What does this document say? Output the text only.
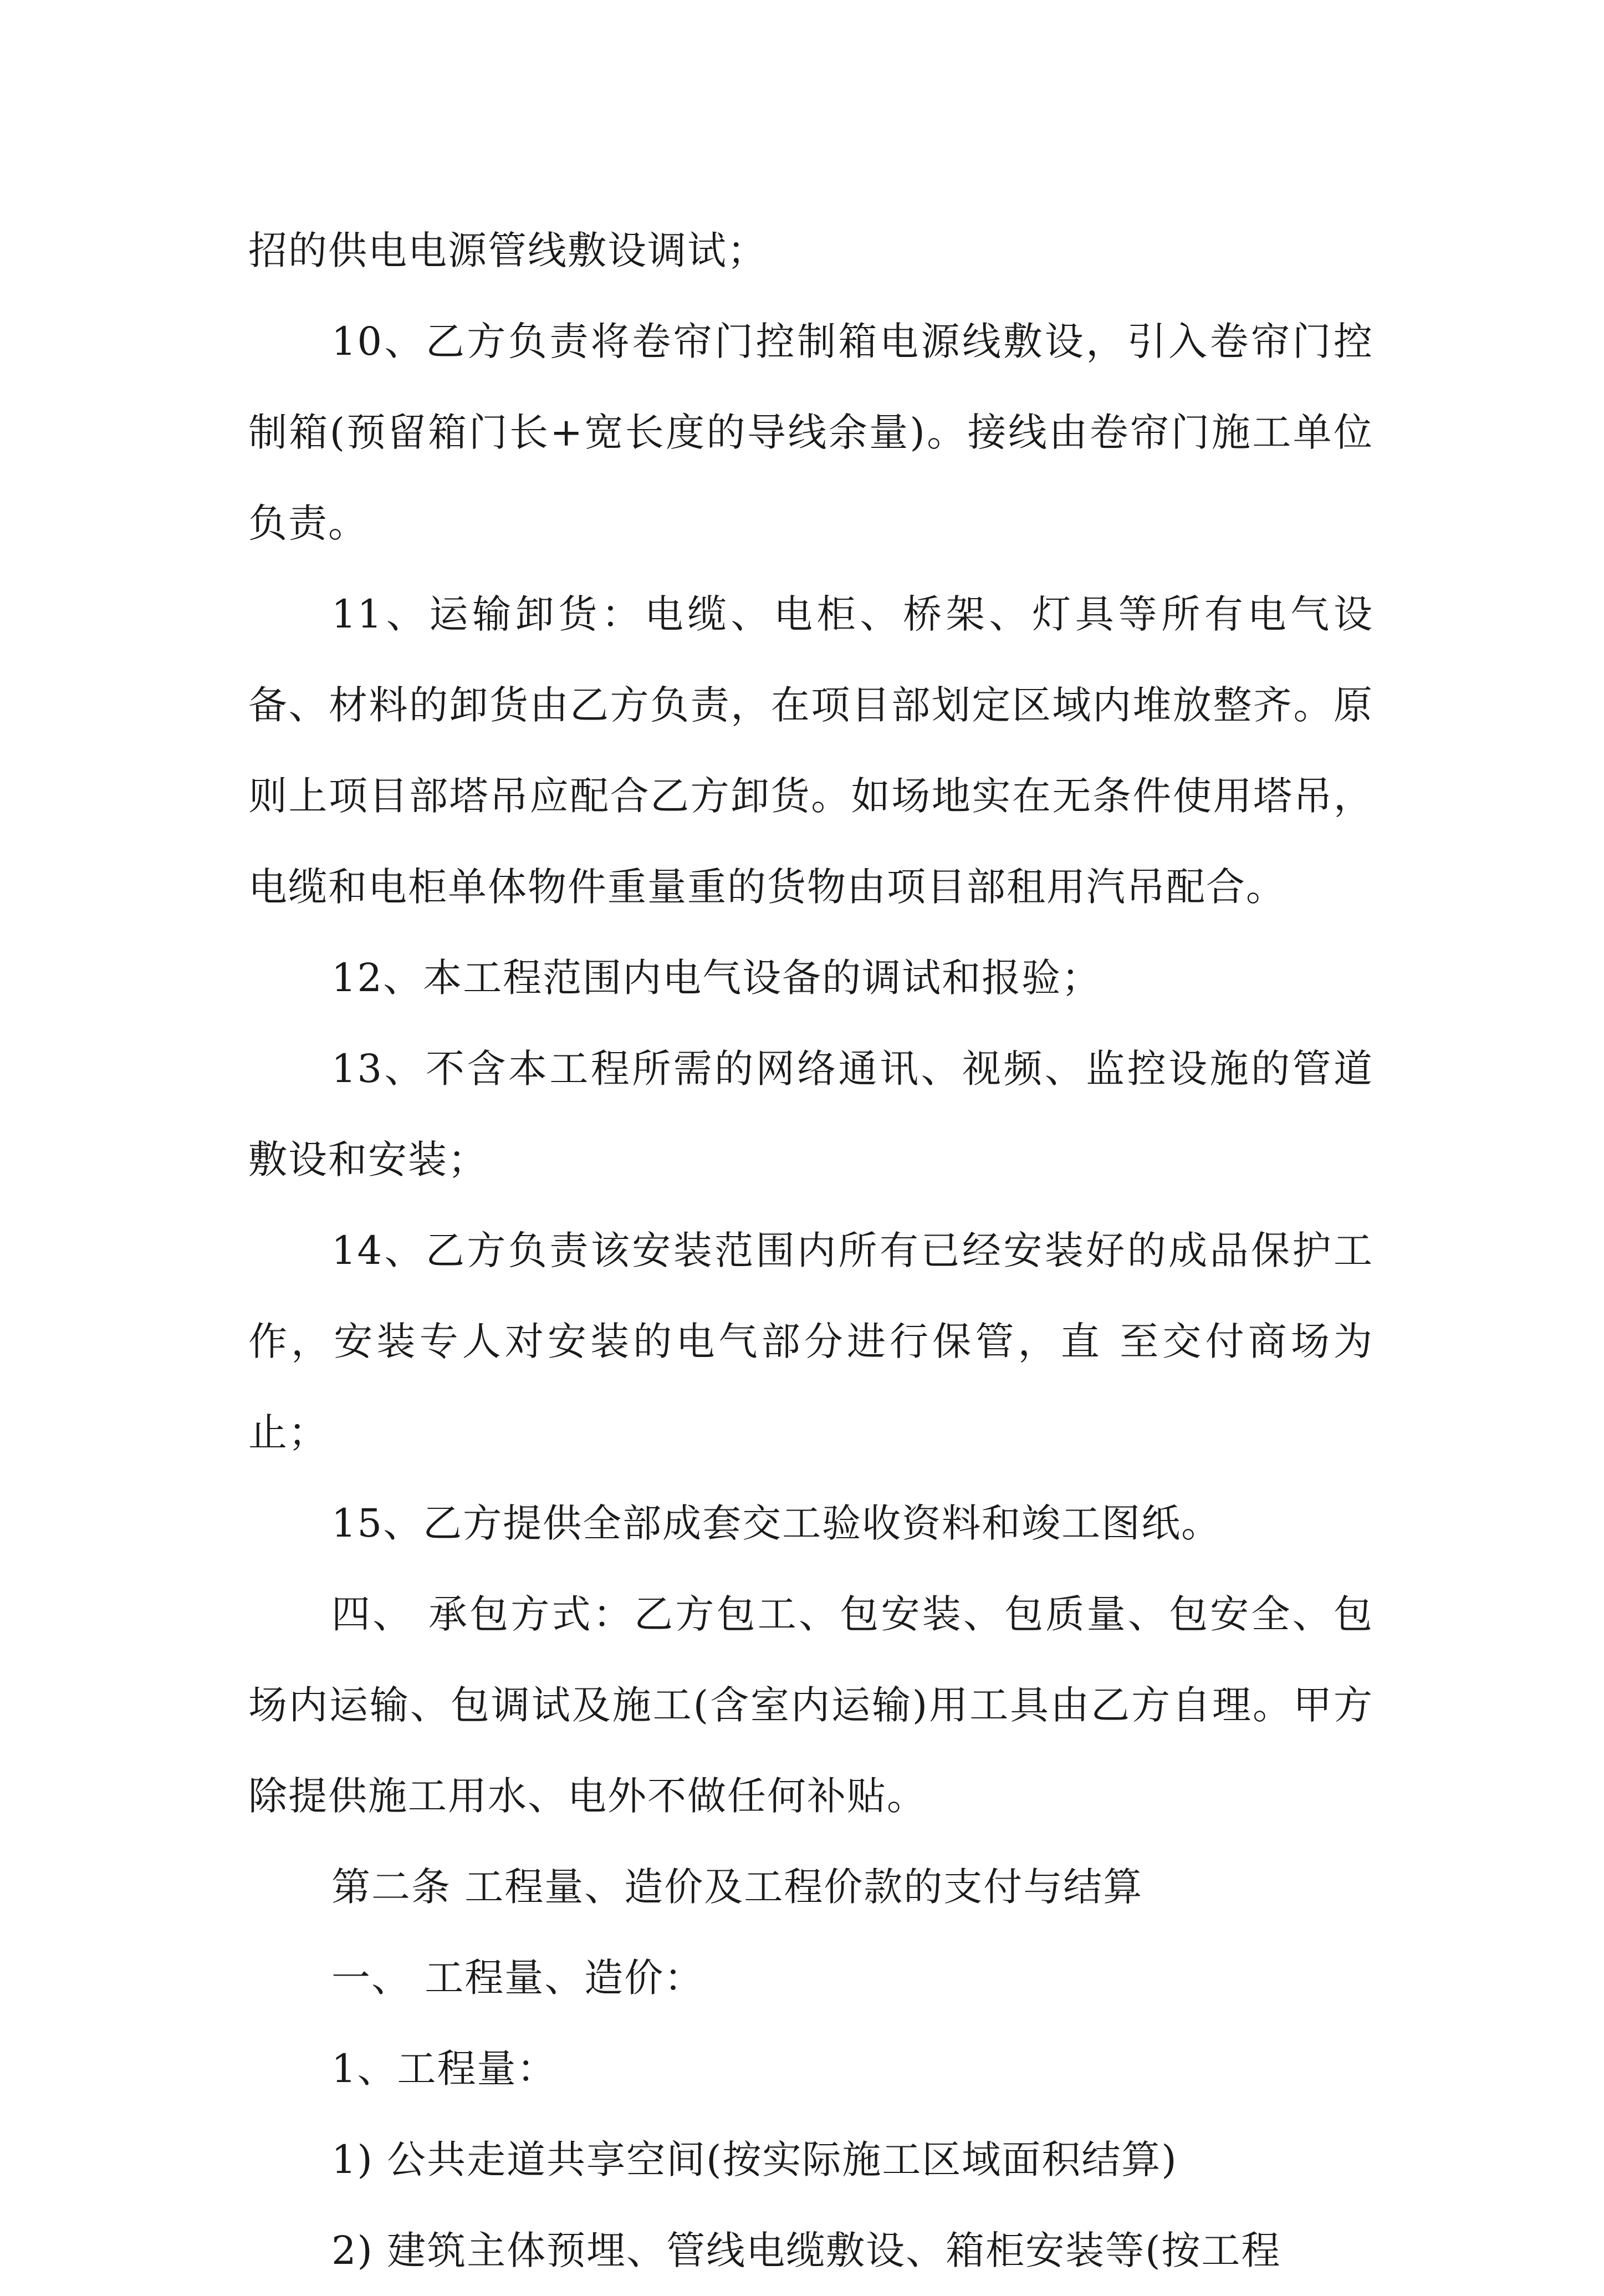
招的供电电源管线敷设调试；

10、乙方负责将卷帘门控制箱电源线敷设，引入卷帘门控制箱(预留箱门长+宽长度的导线余量)。接线由卷帘门施工单位负责。

11、运输卸货：电缆、电柜、桥架、灯具等所有电气设备、材料的卸货由乙方负责，在项目部划定区域内堆放整齐。原则上项目部塔吊应配合乙方卸货。如场地实在无条件使用塔吊，电缆和电柜单体物件重量重的货物由项目部租用汽吊配合。

12、本工程范围内电气设备的调试和报验；

13、不含本工程所需的网络通讯、视频、监控设施的管道敷设和安装；

14、乙方负责该安装范围内所有已经安装好的成品保护工作，安装专人对安装的电气部分进行保管，直 至交付商场为止；

15、乙方提供全部成套交工验收资料和竣工图纸。

四、 承包方式：乙方包工、包安装、包质量、包安全、包场内运输、包调试及施工(含室内运输)用工具由乙方自理。甲方除提供施工用水、电外不做任何补贴。

第二条 工程量、造价及工程价款的支付与结算

一、 工程量、造价：

1、工程量：

1) 公共走道共享空间(按实际施工区域面积结算)

2) 建筑主体预埋、管线电缆敷设、箱柜安装等(按工程
